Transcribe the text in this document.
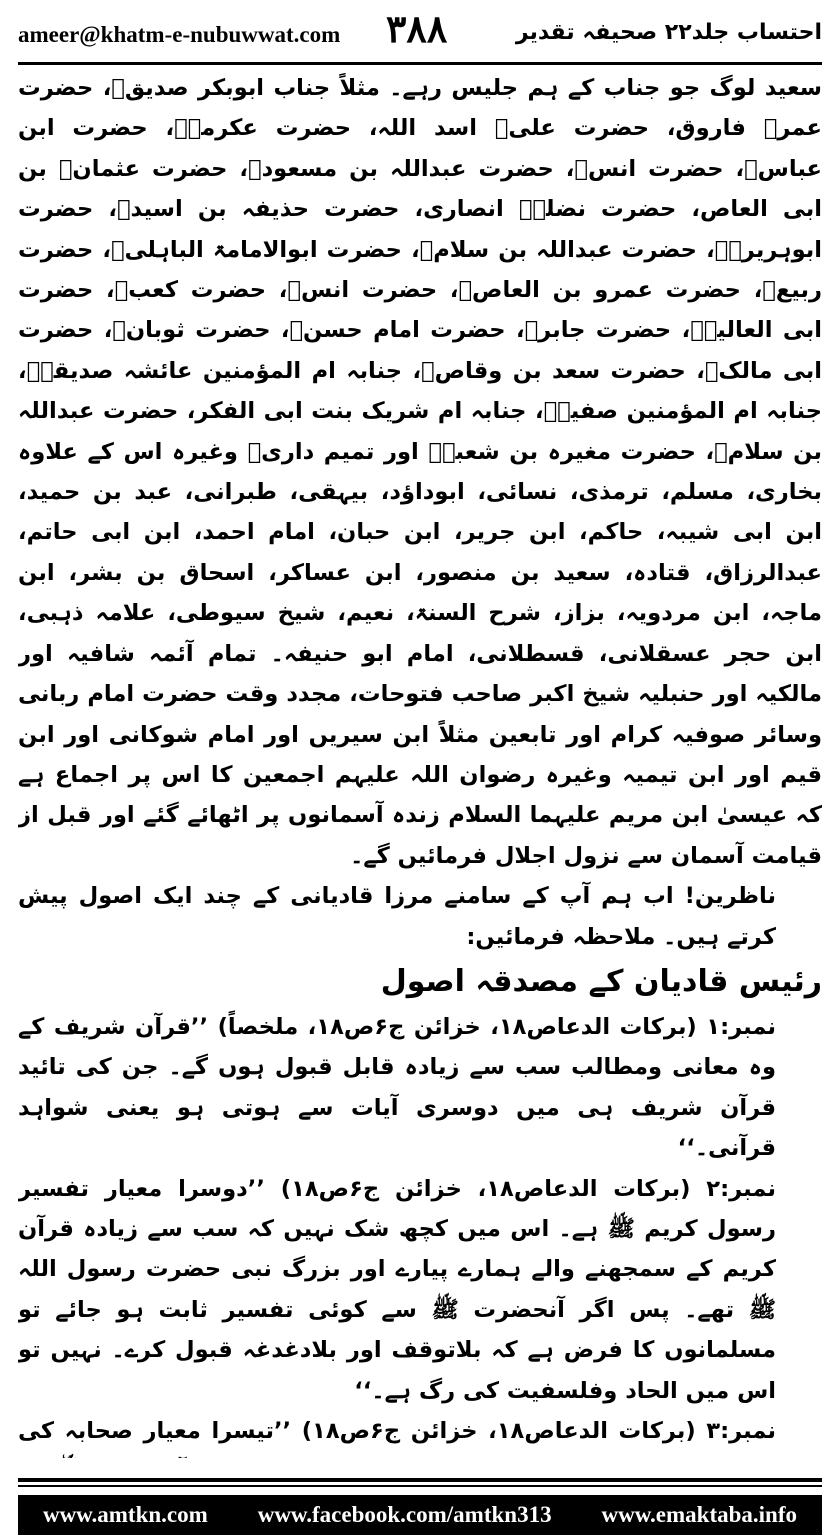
ameer@khatm-e-nubuwwat.com ۳۸۸	احتساب جلد۲۲ صحیفہ تقدیر

سعید لوگ جو جناب کے ہم جلیس رہے۔ مثلاً جناب ابوبکر صدیقؓ، حضرت عمرؓ فاروق، حضرت علیؓ اسد اللہ، حضرت عکرمہؓ، حضرت ابن عباسؓ، حضرت انسؓ، حضرت عبداللہ بن مسعودؓ، حضرت عثمانؓ بن ابی العاص، حضرت نضلہؓ انصاری، حضرت حذیفہ بن اسیدؓ، حضرت ابوہریرہؓ، حضرت عبداللہ بن سلامؓ، حضرت ابوالامامۃ الباہلیؓ، حضرت ربیعؓ، حضرت عمرو بن العاصؓ، حضرت انسؓ، حضرت کعبؓ، حضرت ابی العالیہؓ، حضرت جابرؓ، حضرت امام حسنؓ، حضرت ثوبانؓ، حضرت ابی مالکؓ، حضرت سعد بن وقاصؓ، جنابہ ام المؤمنین عائشہ صدیقہؓ، جنابہ ام المؤمنین صفیہؓ، جنابہ ام شریک بنت ابی الفکر، حضرت عبداللہ بن سلامؓ، حضرت مغیرہ بن شعبہؓ اور تمیم داریؓ وغیرہ اس کے علاوہ بخاری، مسلم، ترمذی، نسائی، ابوداؤد، بیہقی، طبرانی، عبد بن حمید، ابن ابی شیبہ، حاکم، ابن جریر، ابن حبان، امام احمد، ابن ابی حاتم، عبدالرزاق، قتادہ، سعید بن منصور، ابن عساکر، اسحاق بن بشر، ابن ماجہ، ابن مردویہ، بزاز، شرح السنۃ، نعیم، شیخ سیوطی، علامہ ذہبی، ابن حجر عسقلانی، قسطلانی، امام ابو حنیفہ۔ تمام آئمہ شافیہ اور مالکیہ اور حنبلیہ شیخ اکبر صاحب فتوحات، مجدد وقت حضرت امام ربانی وسائر صوفیہ کرام اور تابعین مثلاً ابن سیریں اور امام شوکانی اور ابن قیم اور ابن تیمیہ وغیرہ رضوان اللہ علیہم اجمعین کا اس پر اجماع ہے کہ عیسیٰ ابن مریم علیہما السلام زندہ آسمانوں پر اٹھائے گئے اور قبل از قیامت آسمان سے نزول اجلال فرمائیں گے۔

ناظرین! اب ہم آپ کے سامنے مرزا قادیانی کے چند ایک اصول پیش کرتے ہیں۔ ملاحظہ فرمائیں:

رئیس قادیان کے مصدقہ اصول

نمبر:۱ (برکات الدعاص۱۸، خزائن ج۶ص۱۸، ملخصاً) ’’قرآن شریف کے وہ معانی ومطالب سب سے زیادہ قابل قبول ہوں گے۔ جن کی تائید قرآن شریف ہی میں دوسری آیات سے ہوتی ہو یعنی شواہد قرآنی۔‘‘

نمبر:۲ (برکات الدعاص۱۸، خزائن ج۶ص۱۸) ’’دوسرا معیار تفسیر رسول کریم ﷺ ہے۔ اس میں کچھ شک نہیں کہ سب سے زیادہ قرآن کریم کے سمجھنے والے ہمارے پیارے اور بزرگ نبی حضرت رسول اللہ ﷺ تھے۔ پس اگر آنحضرت ﷺ سے کوئی تفسیر ثابت ہو جائے تو مسلمانوں کا فرض ہے کہ بلاتوقف اور بلادغدغہ قبول کرے۔ نہیں تو اس میں الحاد وفلسفیت کی رگ ہے۔‘‘

نمبر:۳ (برکات الدعاص۱۸، خزائن ج۶ص۱۸) ’’تیسرا معیار صحابہ کی

www.amtkn.com www.facebook.com/amtkn313 www.emaktaba.info
